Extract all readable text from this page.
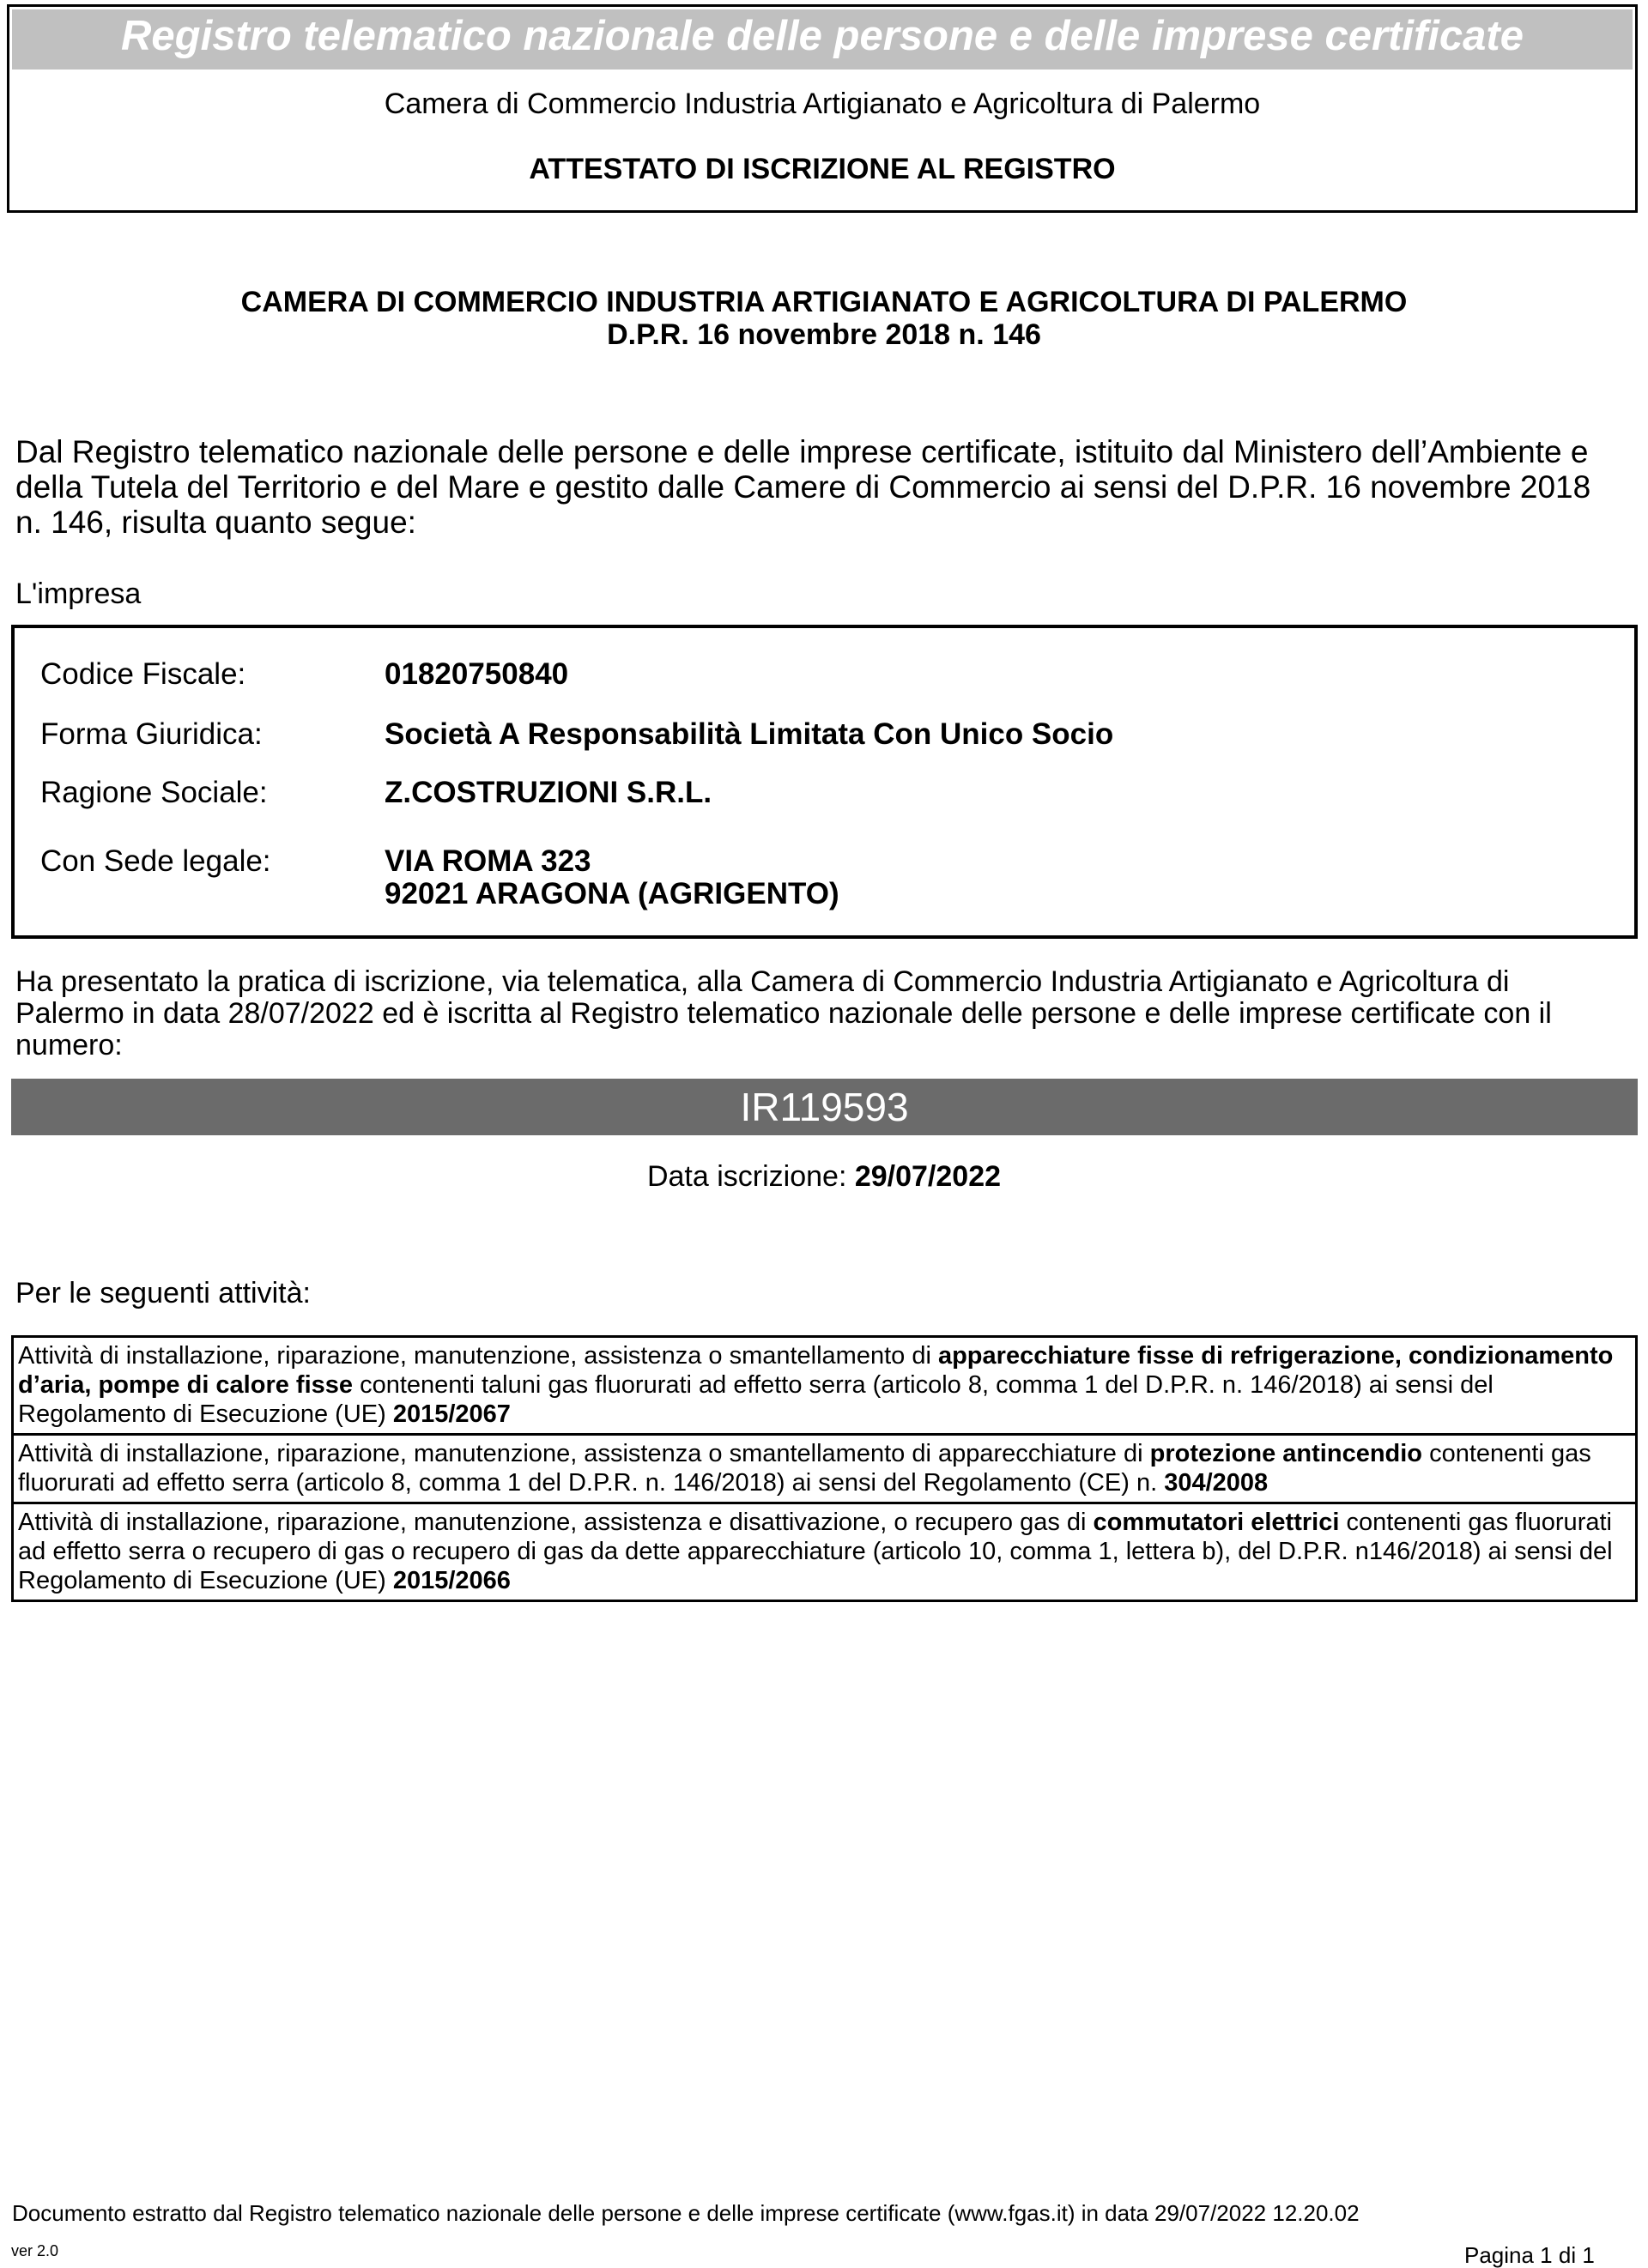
Registro telematico nazionale delle persone e delle imprese certificate
Camera di Commercio Industria Artigianato e Agricoltura di Palermo
ATTESTATO DI ISCRIZIONE AL REGISTRO
CAMERA DI COMMERCIO INDUSTRIA ARTIGIANATO E AGRICOLTURA DI PALERMO
D.P.R. 16 novembre 2018 n. 146
Dal Registro telematico nazionale delle persone e delle imprese certificate, istituito dal Ministero dell’Ambiente e
della Tutela del Territorio e del Mare e gestito dalle Camere di Commercio ai sensi del D.P.R. 16 novembre 2018
n. 146, risulta quanto segue:
L'impresa
Codice Fiscale:	01820750840
Forma Giuridica:	Società A Responsabilità Limitata Con Unico Socio
Ragione Sociale:	Z.COSTRUZIONI S.R.L.
Con Sede legale:	VIA ROMA 323
92021 ARAGONA (AGRIGENTO)
Ha presentato la pratica di iscrizione, via telematica, alla Camera di Commercio Industria Artigianato e Agricoltura di
Palermo in data 28/07/2022 ed è iscritta al Registro telematico nazionale delle persone e delle imprese certificate con il
numero:
IR119593
Data iscrizione: 29/07/2022
Per le seguenti attività:
Attività di installazione, riparazione, manutenzione, assistenza o smantellamento di apparecchiature fisse di refrigerazione, condizionamento d’aria, pompe di calore fisse contenenti taluni gas fluorurati ad effetto serra (articolo 8, comma 1 del D.P.R. n. 146/2018) ai sensi del Regolamento di Esecuzione (UE) 2015/2067
Attività di installazione, riparazione, manutenzione, assistenza o smantellamento di apparecchiature di protezione antincendio contenenti gas fluorurati ad effetto serra (articolo 8, comma 1 del D.P.R. n. 146/2018) ai sensi del Regolamento (CE) n. 304/2008
Attività di installazione, riparazione, manutenzione, assistenza e disattivazione, o recupero gas di commutatori elettrici contenenti gas fluorurati ad effetto serra o recupero di gas o recupero di gas da dette apparecchiature (articolo 10, comma 1, lettera b), del D.P.R. n146/2018) ai sensi del Regolamento di Esecuzione (UE) 2015/2066
Documento estratto dal Registro telematico nazionale delle persone e delle imprese certificate (www.fgas.it) in data 29/07/2022 12.20.02
ver 2.0	Pagina 1 di 1
